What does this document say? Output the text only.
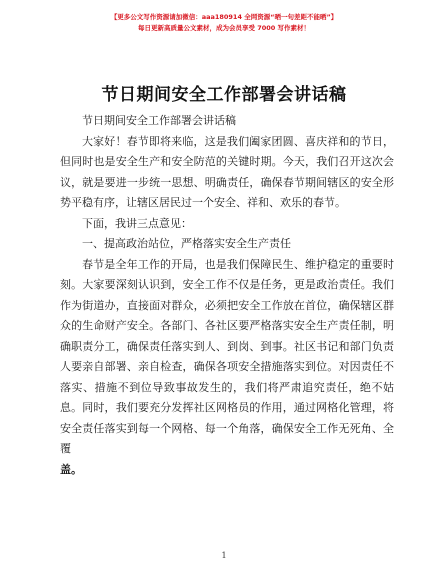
【更多公文写作资源请加微信：aaa180914 全网资源“晒一句差距不能晒”】
每日更新高质量公文素材，成为会员享受 7000 写作素材！
节日期间安全工作部署会讲话稿

节日期间安全工作部署会讲话稿

大家好！春节即将来临，这是我们阖家团圆、喜庆祥和的节日，但同时也是安全生产和安全防范的关键时期。今天，我们召开这次会议，就是要进一步统一思想、明确责任，确保春节期间辖区的安全形势平稳有序，让辖区居民过一个安全、祥和、欢乐的春节。

下面，我讲三点意见：

一、提高政治站位，严格落实安全生产责任

春节是全年工作的开局，也是我们保障民生、维护稳定的重要时刻。大家要深刻认识到，安全工作不仅是任务，更是政治责任。我们作为街道办，直接面对群众，必须把安全工作放在首位，确保辖区群众的生命财产安全。各部门、各社区要严格落实安全生产责任制，明确职责分工，确保责任落实到人、到岗、到事。社区书记和部门负责人要亲自部署、亲自检查，确保各项安全措施落实到位。对因责任不落实、措施不到位导致事故发生的，我们将严肃追究责任，绝不姑息。同时，我们要充分发挥社区网格员的作用，通过网格化管理，将安全责任落实到每一个网格、每一个角落，确保安全工作无死角、全覆

盖。

1
